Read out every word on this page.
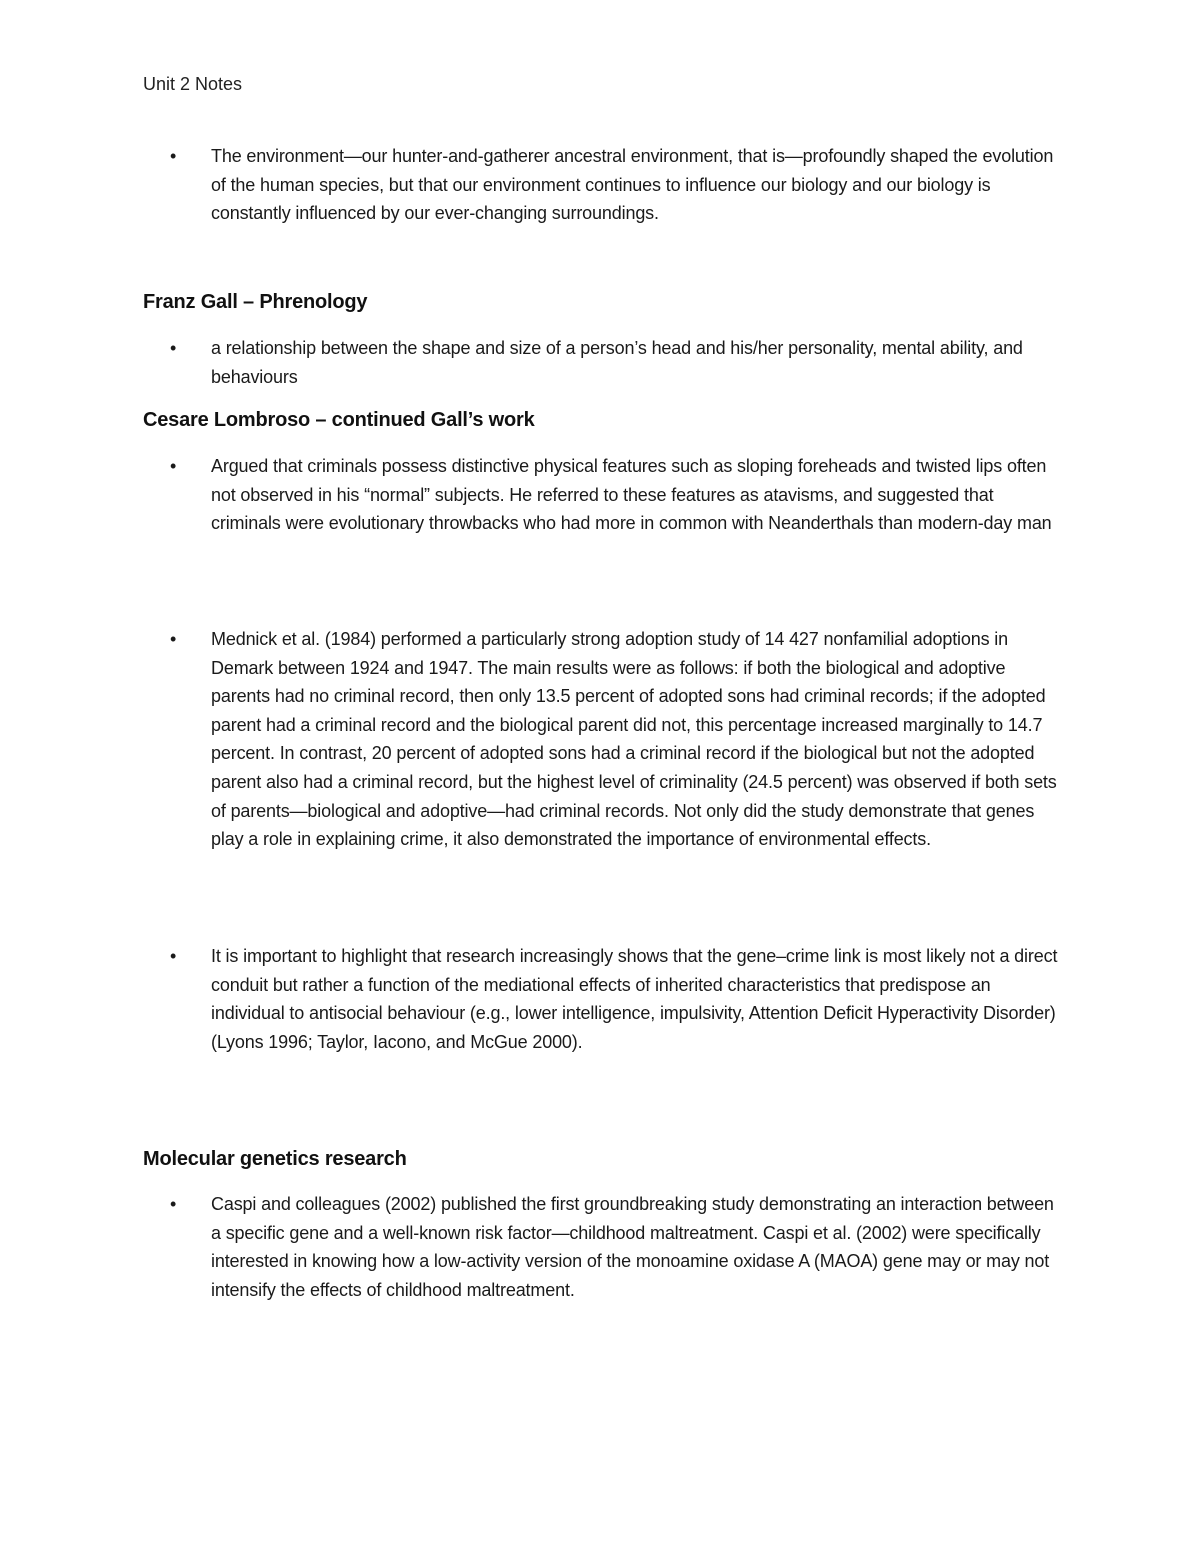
Unit 2 Notes
•	The environment—our hunter-and-gatherer ancestral environment, that is—profoundly shaped the evolution of the human species, but that our environment continues to influence our biology and our biology is constantly influenced by our ever-changing surroundings.
Franz Gall – Phrenology
•	a relationship between the shape and size of a person’s head and his/her personality, mental ability, and behaviours
Cesare Lombroso – continued Gall’s work
•	Argued that criminals possess distinctive physical features such as sloping foreheads and twisted lips often not observed in his “normal” subjects. He referred to these features as atavisms, and suggested that criminals were evolutionary throwbacks who had more in common with Neanderthals than modern-day man
•	Mednick et al. (1984) performed a particularly strong adoption study of 14 427 nonfamilial adoptions in Demark between 1924 and 1947. The main results were as follows: if both the biological and adoptive parents had no criminal record, then only 13.5 percent of adopted sons had criminal records; if the adopted parent had a criminal record and the biological parent did not, this percentage increased marginally to 14.7 percent. In contrast, 20 percent of adopted sons had a criminal record if the biological but not the adopted parent also had a criminal record, but the highest level of criminality (24.5 percent) was observed if both sets of parents—biological and adoptive—had criminal records. Not only did the study demonstrate that genes play a role in explaining crime, it also demonstrated the importance of environmental effects.
•	It is important to highlight that research increasingly shows that the gene–crime link is most likely not a direct conduit but rather a function of the mediational effects of inherited characteristics that predispose an individual to antisocial behaviour (e.g., lower intelligence, impulsivity, Attention Deficit Hyperactivity Disorder) (Lyons 1996; Taylor, Iacono, and McGue 2000).
Molecular genetics research
•	Caspi and colleagues (2002) published the first groundbreaking study demonstrating an interaction between a specific gene and a well-known risk factor—childhood maltreatment. Caspi et al. (2002) were specifically interested in knowing how a low-activity version of the monoamine oxidase A (MAOA) gene may or may not intensify the effects of childhood maltreatment.
